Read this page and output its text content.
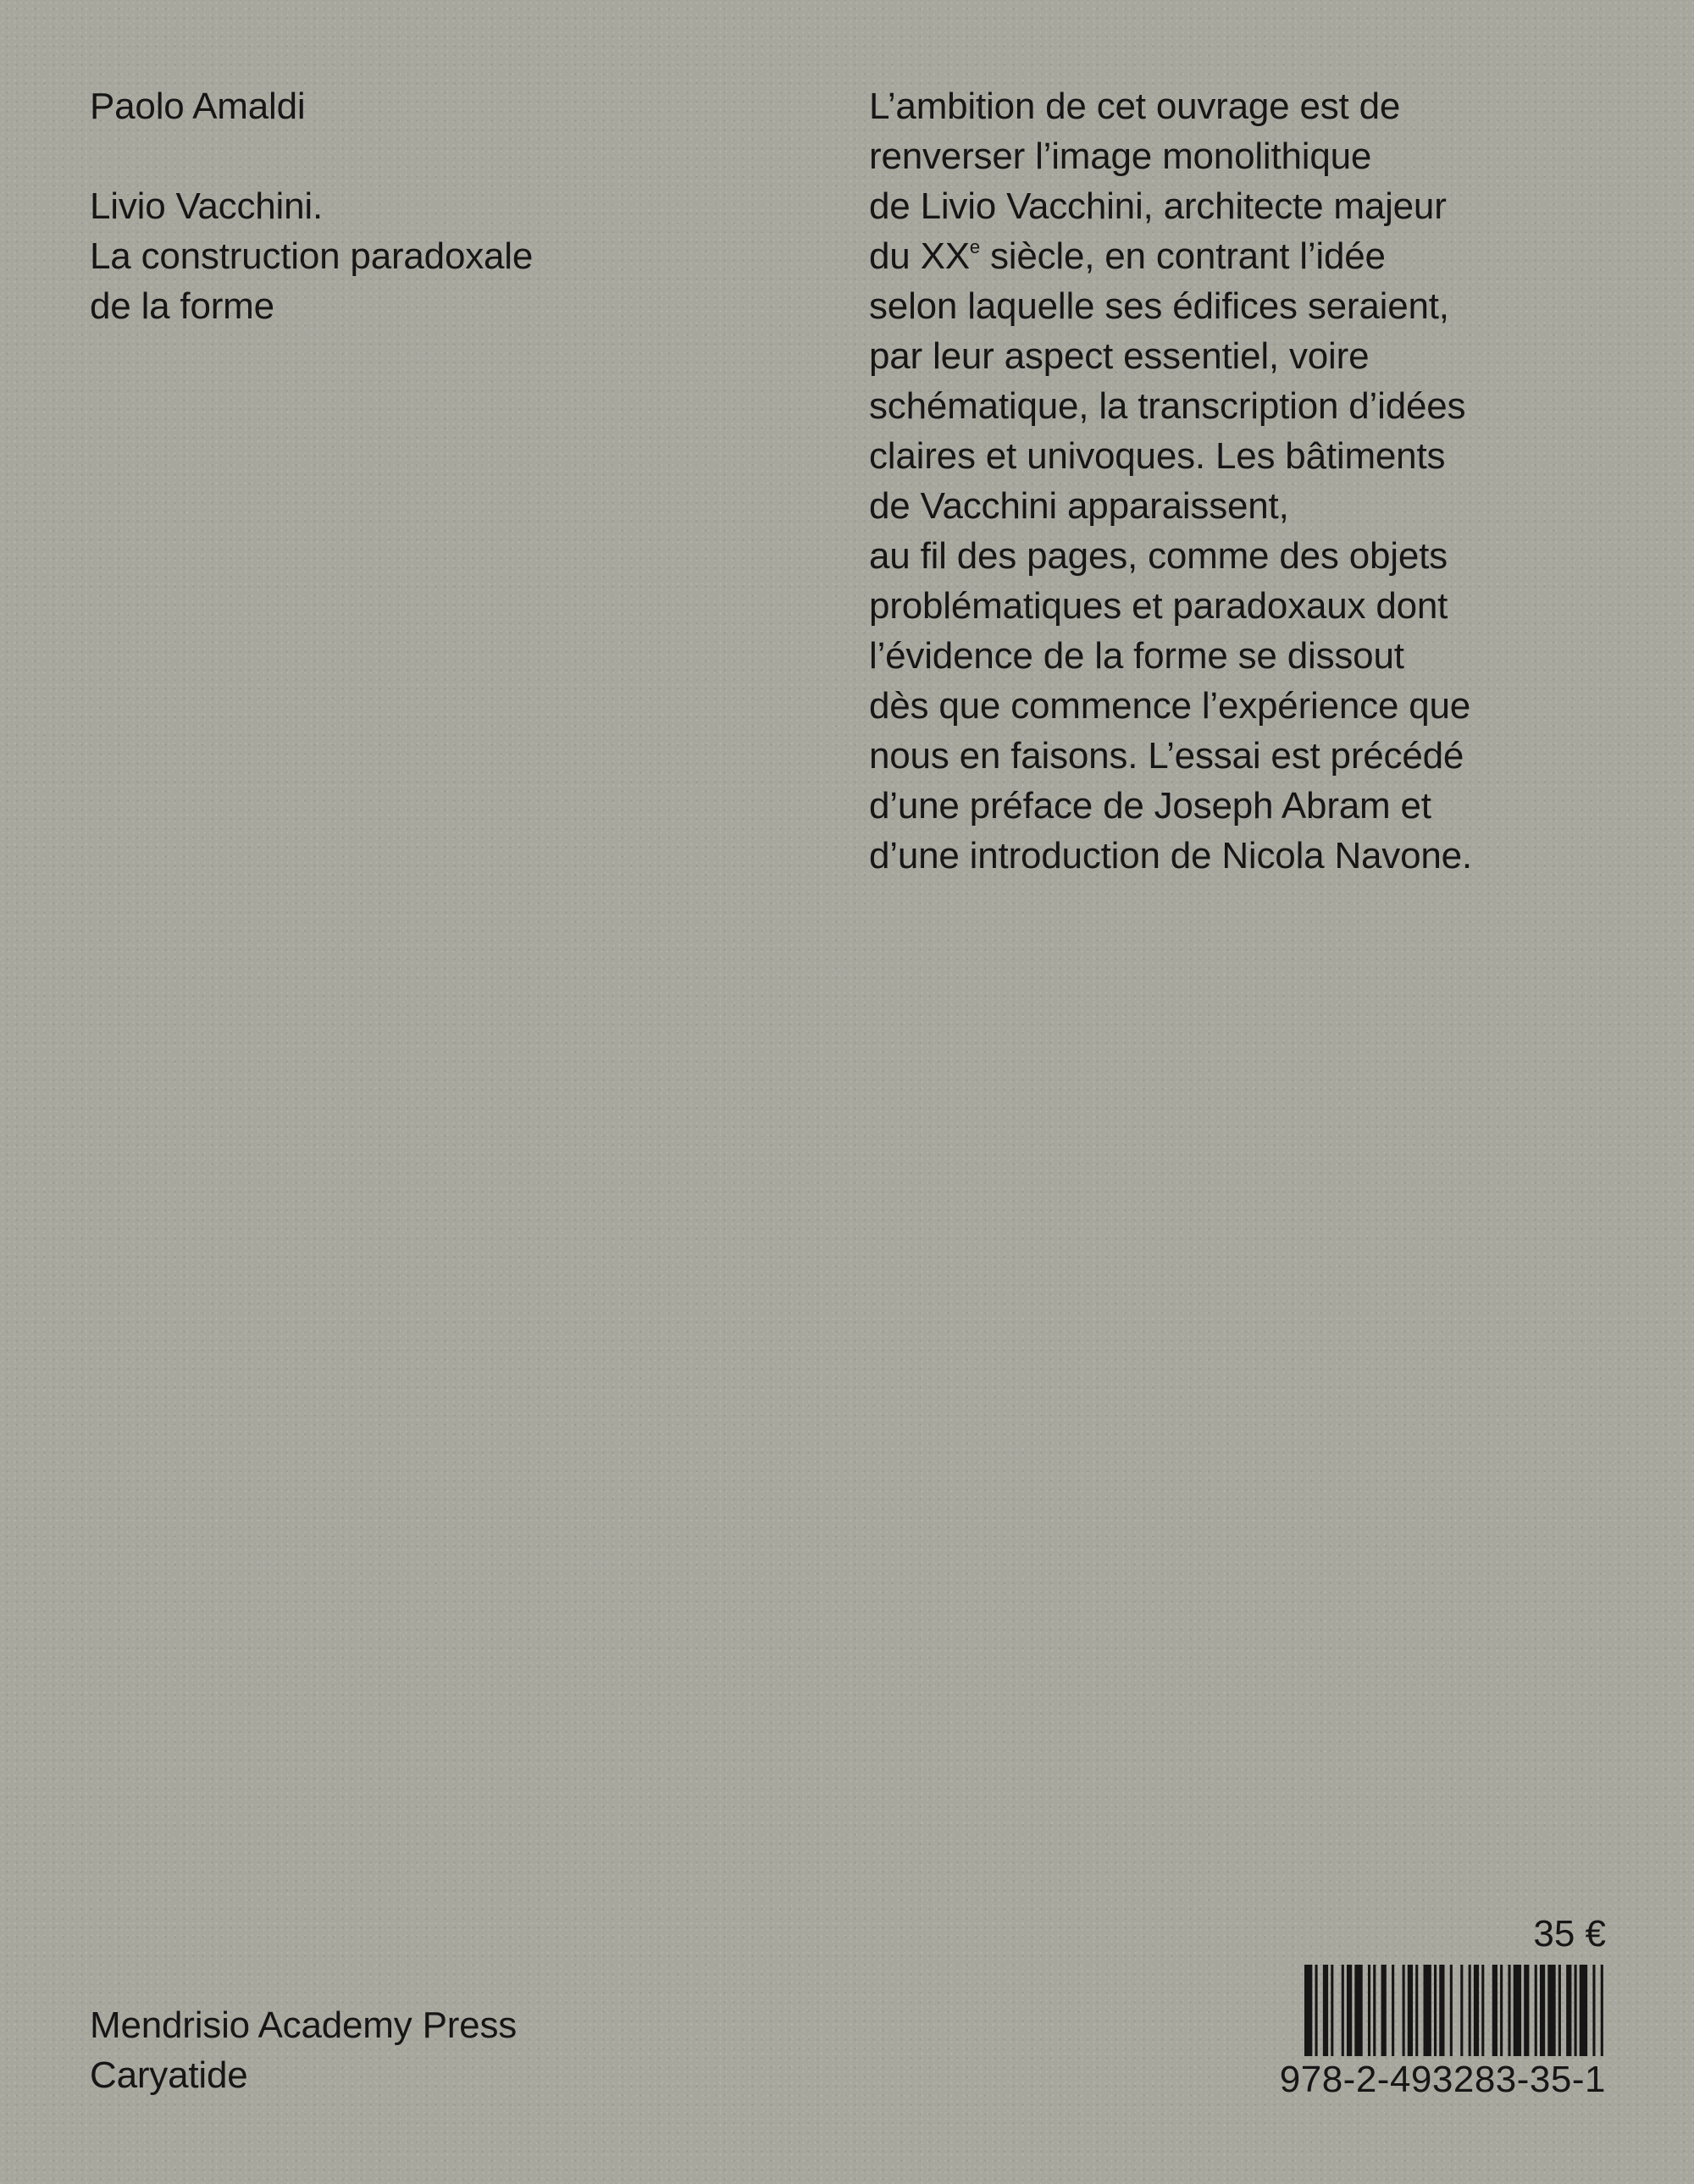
Paolo Amaldi
Livio Vacchini.
La construction paradoxale
de la forme
L’ambition de cet ouvrage est de
renverser l’image monolithique
de Livio Vacchini, architecte majeur
du XXe siècle, en contrant l’idée
selon laquelle ses édifices seraient,
par leur aspect essentiel, voire
schématique, la transcription d’idées
claires et univoques. Les bâtiments
de Vacchini apparaissent,
au fil des pages, comme des objets
problématiques et paradoxaux dont
l’évidence de la forme se dissout
dès que commence l’expérience que
nous en faisons. L’essai est précédé
d’une préface de Joseph Abram et
d’une introduction de Nicola Navone.
Mendrisio Academy Press
Caryatide
35 €
978-2-493283-35-1
